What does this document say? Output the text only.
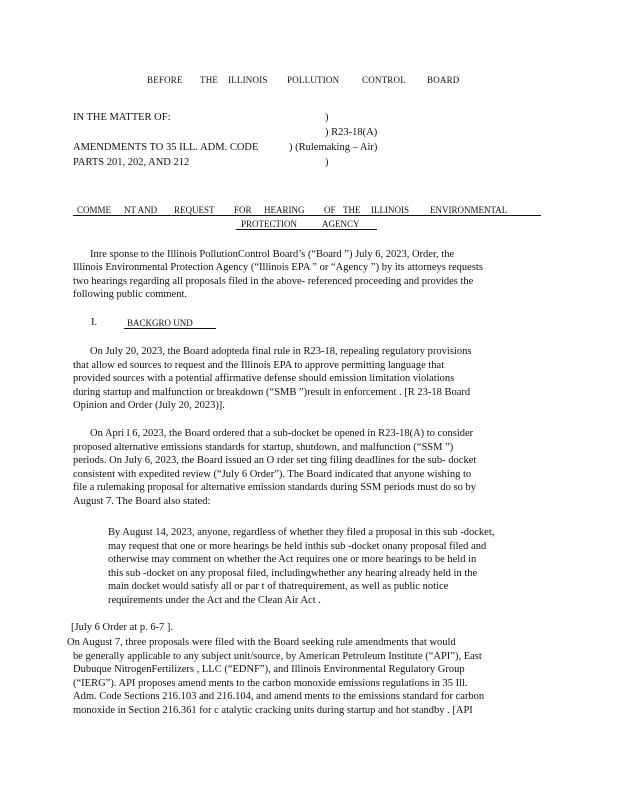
BEFORE THE ILLINOIS POLLUTION	CONTROL BOARD
IN THE MATTER OF:
AMENDMENTS TO 35 ILL. ADM. CODE
PARTS 201, 202, AND 212
)
) R23-18(A)
) (Rulemaking – Air)
)
COMME NT AND REQUEST FOR HEARING OF THE ILLINOIS ENVIRONMENTAL
PROTECTION	AGENCY
Inre sponse to the Illinois PollutionControl Board’s (“Board ”) July 6, 2023, Order, the
Illinois Environmental Protection Agency (“Illinois EPA ” or “Agency ”) by its attorneys requests
two hearings regarding all proposals filed in the above- referenced proceeding and provides the
following public comment.
I.	BACKGRO UND
On July 20, 2023, the Board adopteda final rule in R23-18, repealing regulatory provisions
that allow ed sources to request and the Illinois EPA to approve permitting language that
provided sources with a potential affirmative defense should emission limitation violations
during startup and malfunction or breakdown (“SMB ”)result in enforcement . [R 23-18 Board
Opinion and Order (July 20, 2023)].
On Apri l 6, 2023, the Board ordered that a sub-docket be opened in R23-18(A) to consider
proposed alternative emissions standards for startup, shutdown, and malfunction (“SSM ”)
periods. On July 6, 2023, the Board issued an O rder set ting filing deadlines for the sub- docket
consistent with expedited review (“July 6 Order”). The Board indicated that anyone wishing to
file a rulemaking proposal for alternative emission standards during SSM periods must do so by
August 7. The Board also stated:
By August 14, 2023, anyone, regardless of whether they filed a proposal in this sub -docket,
may request that one or more hearings be held inthis sub -docket onany proposal filed and
otherwise may comment on whether the Act requires one or more hearings to be held in
this sub -docket on any proposal filed, includingwhether any hearing already held in the
main docket would satisfy all or par t of thatrequirement, as well as public notice
requirements under the Act and the Clean Air Act .
[July 6 Order at p. 6-7 ].
On August 7, three proposals were filed with the Board seeking rule amendments that would
be generally applicable to any subject unit/source, by American Petroleum Institute (“API”), East
Dubuque NitrogenFertilizers , LLC (“EDNF”), and Illinois Environmental Regulatory Group
(“IERG”). API proposes amend ments to the carbon monoxide emissions regulations in 35 Ill.
Adm. Code Sections 216.103 and 216.104, and amend ments to the emissions standard for carbon
monoxide in Section 216.361 for c atalytic cracking units during startup and hot standby . [API
